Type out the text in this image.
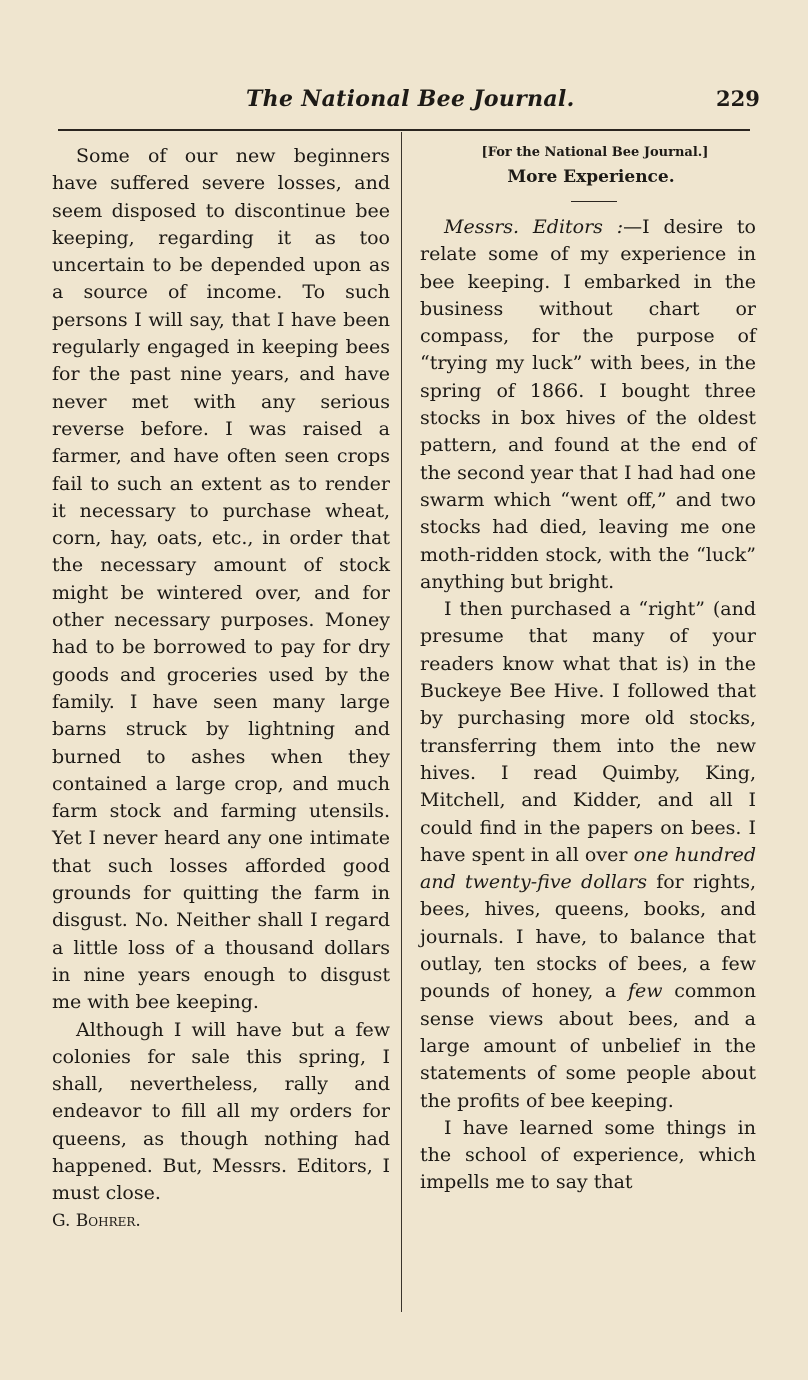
The National Bee Journal.	229

Some of our new beginners have suffered severe losses, and seem disposed to discontinue bee keeping, regarding it as too uncertain to be depended upon as a source of income. To such persons I will say, that I have been regularly engaged in keeping bees for the past nine years, and have never met with any serious reverse before. I was raised a farmer, and have often seen crops fail to such an extent as to render it necessary to purchase wheat, corn, hay, oats, etc., in order that the necessary amount of stock might be wintered over, and for other necessary purposes. Money had to be borrowed to pay for dry goods and groceries used by the family. I have seen many large barns struck by lightning and burned to ashes when they contained a large crop, and much farm stock and farming utensils. Yet I never heard any one intimate that such losses afforded good grounds for quitting the farm in disgust. No. Neither shall I regard a little loss of a thousand dollars in nine years enough to disgust me with bee keeping.

Although I will have but a few colonies for sale this spring, I shall, nevertheless, rally and endeavor to fill all my orders for queens, as though nothing had happened. But, Messrs. Editors, I must close.

G. Bohrer.

[For the National Bee Journal.]
More Experience.

Messrs. Editors :—I desire to relate some of my experience in bee keeping. I embarked in the business without chart or compass, for the purpose of “trying my luck” with bees, in the spring of 1866. I bought three stocks in box hives of the oldest pattern, and found at the end of the second year that I had had one swarm which “went off,” and two stocks had died, leaving me one moth-ridden stock, with the “luck” anything but bright.

I then purchased a “right” (and presume that many of your readers know what that is) in the Buckeye Bee Hive. I followed that by purchasing more old stocks, transferring them into the new hives. I read Quimby, King, Mitchell, and Kidder, and all I could find in the papers on bees. I have spent in all over one hundred and twenty-five dollars for rights, bees, hives, queens, books, and journals. I have, to balance that outlay, ten stocks of bees, a few pounds of honey, a few common sense views about bees, and a large amount of unbelief in the statements of some people about the profits of bee keeping.

I have learned some things in the school of experience, which impells me to say that
